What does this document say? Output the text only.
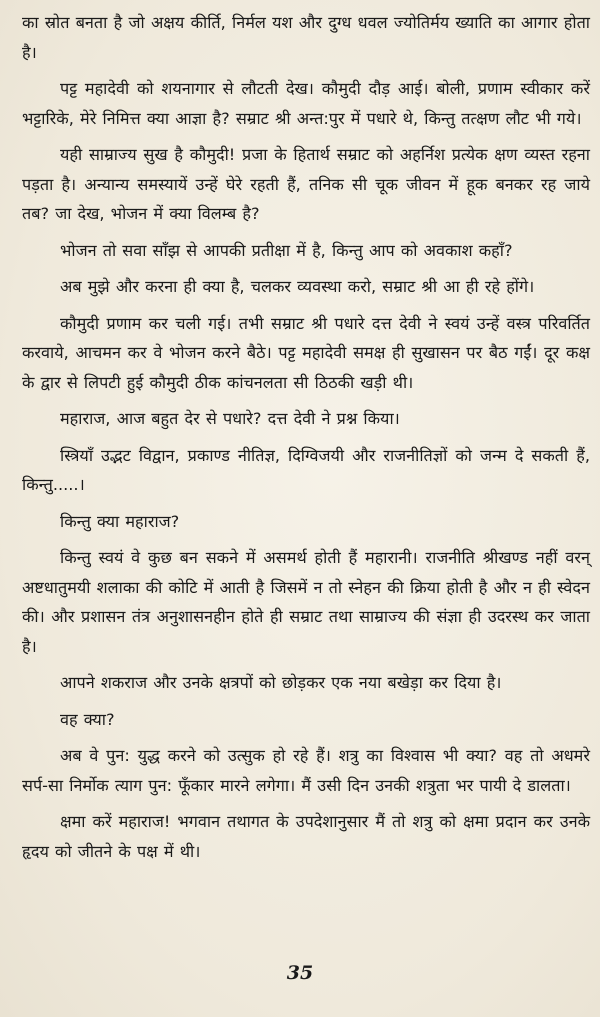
का स्रोत बनता है जो अक्षय कीर्ति, निर्मल यश और दुग्ध धवल ज्योतिर्मय ख्याति का आगार होता है।

पट्ट महादेवी को शयनागार से लौटती देख। कौमुदी दौड़ आई। बोली, प्रणाम स्वीकार करें भट्टारिके, मेरे निमित्त क्या आज्ञा है? सम्राट श्री अन्त:पुर में पधारे थे, किन्तु तत्क्षण लौट भी गये।

यही साम्राज्य सुख है कौमुदी! प्रजा के हितार्थ सम्राट को अहर्निश प्रत्येक क्षण व्यस्त रहना पड़ता है। अन्यान्य समस्यायें उन्हें घेरे रहती हैं, तनिक सी चूक जीवन में हूक बनकर रह जाये तब? जा देख, भोजन में क्या विलम्ब है?

भोजन तो सवा साँझ से आपकी प्रतीक्षा में है, किन्तु आप को अवकाश कहाँ?

अब मुझे और करना ही क्या है, चलकर व्यवस्था करो, सम्राट श्री आ ही रहे होंगे।

कौमुदी प्रणाम कर चली गई। तभी सम्राट श्री पधारे दत्त देवी ने स्वयं उन्हें वस्त्र परिवर्तित करवाये, आचमन कर वे भोजन करने बैठे। पट्ट महादेवी समक्ष ही सुखासन पर बैठ गईं। दूर कक्ष के द्वार से लिपटी हुई कौमुदी ठीक कांचनलता सी ठिठकी खड़ी थी।

महाराज, आज बहुत देर से पधारे? दत्त देवी ने प्रश्न किया।

स्त्रियाँ उद्भट विद्वान, प्रकाण्ड नीतिज्ञ, दिग्विजयी और राजनीतिज्ञों को जन्म दे सकती हैं, किन्तु.....।

किन्तु क्या महाराज?

किन्तु स्वयं वे कुछ बन सकने में असमर्थ होती हैं महारानी। राजनीति श्रीखण्ड नहीं वरन् अष्टधातुमयी शलाका की कोटि में आती है जिसमें न तो स्नेहन की क्रिया होती है और न ही स्वेदन की। और प्रशासन तंत्र अनुशासनहीन होते ही सम्राट तथा साम्राज्य की संज्ञा ही उदरस्थ कर जाता है।

आपने शकराज और उनके क्षत्रपों को छोड़कर एक नया बखेड़ा कर दिया है।

वह क्या?

अब वे पुन: युद्ध करने को उत्सुक हो रहे हैं। शत्रु का विश्वास भी क्या? वह तो अधमरे सर्प-सा निर्मोक त्याग पुन: फूँकार मारने लगेगा। मैं उसी दिन उनकी शत्रुता भर पायी दे डालता।

क्षमा करें महाराज! भगवान तथागत के उपदेशानुसार मैं तो शत्रु को क्षमा प्रदान कर उनके हृदय को जीतने के पक्ष में थी।

35
